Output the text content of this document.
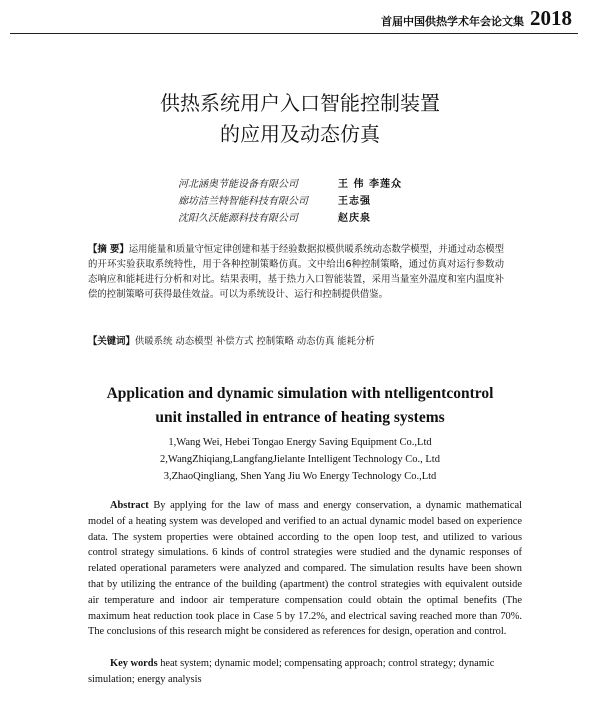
首届中国供热学术年会论文集 2018
供热系统用户入口智能控制装置
的应用及动态仿真
河北涵奥节能设备有限公司	王 伟 李莲众
廊坊洁兰特智能科技有限公司	王志强
沈阳久沃能源科技有限公司	赵庆泉
【摘 要】运用能量和质量守恒定律创建和基于经验数据拟模供暖系统动态数学模型，并通过动态模型的开环实验获取系统特性，用于各种控制策略仿真。文中给出6种控制策略，通过仿真对运行参数动态响应和能耗进行分析和对比。结果表明，基于热力入口智能装置，采用当量室外温度和室内温度补偿的控制策略可获得最佳效益。可以为系统设计、运行和控制提供借鉴。
【关键词】供暖系统 动态模型 补偿方式 控制策略 动态仿真 能耗分析
Application and dynamic simulation with ntelligentcontrol
unit installed in entrance of heating systems
1,Wang Wei, Hebei Tongao Energy Saving Equipment Co.,Ltd
2,WangZhiqiang,LangfangJielante Intelligent Technology Co., Ltd
3,ZhaoQingliang, Shen Yang Jiu Wo Energy Technology Co.,Ltd
Abstract By applying for the law of mass and energy conservation, a dynamic mathematical model of a heating system was developed and verified to an actual dynamic model based on experience data. The system properties were obtained according to the open loop test, and utilized to various control strategy simulations. 6 kinds of control strategies were studied and the dynamic responses of related operational parameters were analyzed and compared. The simulation results have been shown that by utilizing the entrance of the building (apartment) the control strategies with equivalent outside air temperature and indoor air temperature compensation could obtain the optimal benefits (The maximum heat reduction took place in Case 5 by 17.2%, and electrical saving reached more than 70%. The conclusions of this research might be considered as references for design, operation and control.
Key words heat system; dynamic model; compensating approach; control strategy; dynamic simulation; energy analysis
